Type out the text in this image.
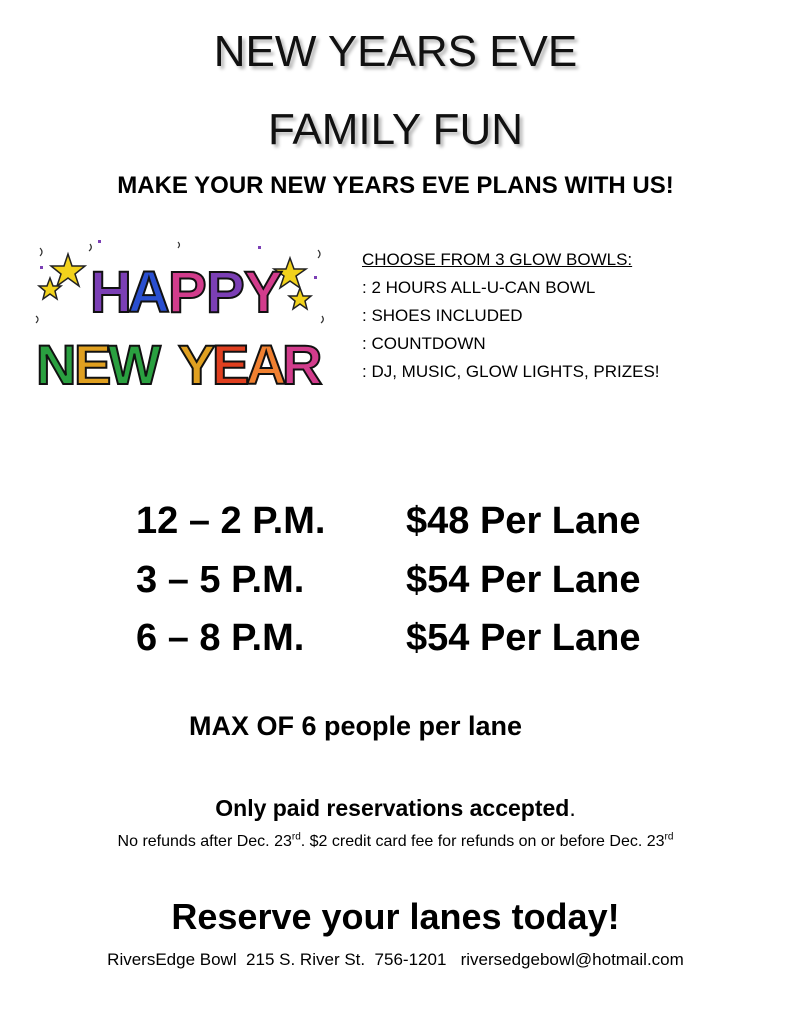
NEW YEARS EVE
FAMILY FUN

MAKE YOUR NEW YEARS EVE PLANS WITH US!

H
A
P P Y
N
E
W Y
E
A
R
CHOOSE FROM 3 GLOW BOWLS:
: 2 HOURS ALL-U-CAN BOWL
: SHOES INCLUDED
: COUNTDOWN
: DJ, MUSIC, GLOW LIGHTS, PRIZES!
12 – 2 P.M.	$48 Per Lane
3 – 5 P.M.	$54 Per Lane
6 – 8 P.M.	$54 Per Lane

MAX OF 6 people per lane

Only paid reservations accepted.

No refunds after Dec. 23rd. $2 credit card fee for refunds on or before Dec. 23rd

Reserve your lanes today!

RiversEdge Bowl  215 S. River St.  756-1201   riversedgebowl@hotmail.com
